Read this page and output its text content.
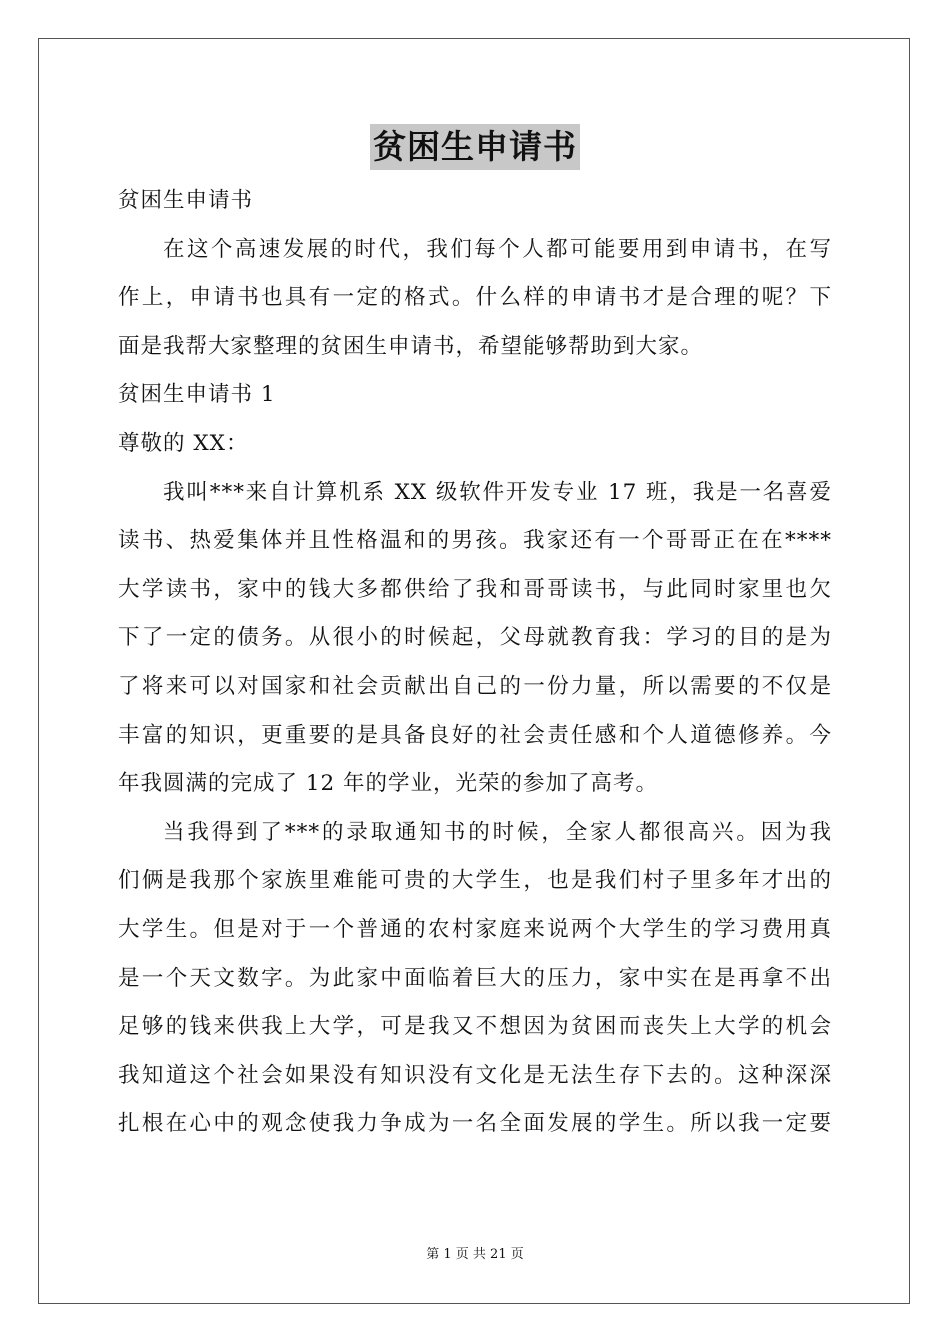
贫困生申请书
贫困生申请书
在这个高速发展的时代，我们每个人都可能要用到申请书，在写
作上，申请书也具有一定的格式。什么样的申请书才是合理的呢？下
面是我帮大家整理的贫困生申请书，希望能够帮助到大家。
贫困生申请书 1
尊敬的 XX：
我叫***来自计算机系 XX 级软件开发专业 17 班，我是一名喜爱
读书、热爱集体并且性格温和的男孩。我家还有一个哥哥正在在****
大学读书，家中的钱大多都供给了我和哥哥读书，与此同时家里也欠
下了一定的债务。从很小的时候起，父母就教育我：学习的目的是为
了将来可以对国家和社会贡献出自己的一份力量，所以需要的不仅是
丰富的知识，更重要的是具备良好的社会责任感和个人道德修养。今
年我圆满的完成了 12 年的学业，光荣的参加了高考。
当我得到了***的录取通知书的时候，全家人都很高兴。因为我
们俩是我那个家族里难能可贵的大学生，也是我们村子里多年才出的
大学生。但是对于一个普通的农村家庭来说两个大学生的学习费用真
是一个天文数字。为此家中面临着巨大的压力，家中实在是再拿不出
足够的钱来供我上大学，可是我又不想因为贫困而丧失上大学的机会
我知道这个社会如果没有知识没有文化是无法生存下去的。这种深深
扎根在心中的观念使我力争成为一名全面发展的学生。所以我一定要
第 1 页 共 21 页
